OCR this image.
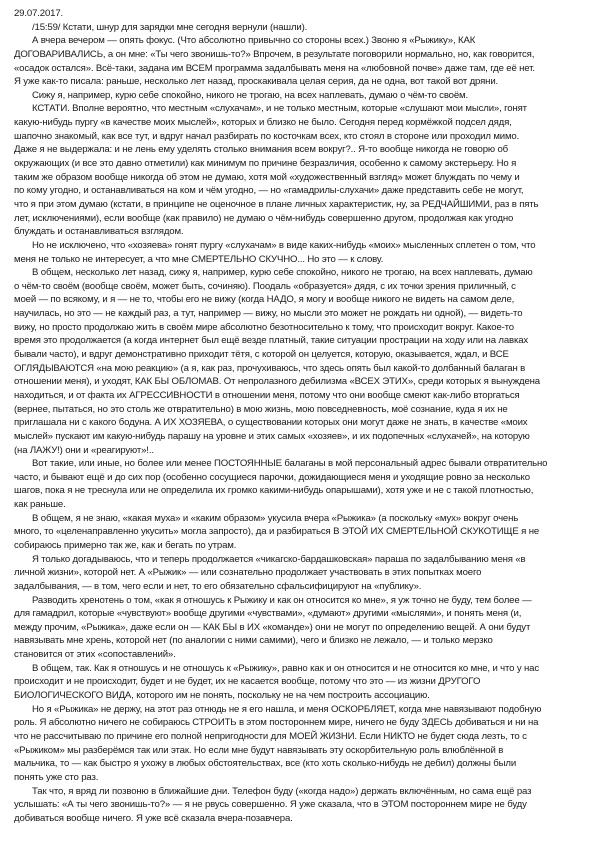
29.07.2017.
/15:59/ Кстати, шнур для зарядки мне сегодня вернули (нашли).
А вчера вечером — опять фокус. (Что абсолютно привычно со стороны всех.) Звоню я «Рыжику», КАК
ДОГОВАРИВАЛИСЬ, а он мне: «Ты чего звонишь-то?» Впрочем, в результате поговорили нормально, но, как говорится,
«осадок остался». Всё-таки, задана им ВСЕМ программа задалбывать меня на «любовной почве» даже там, где её нет.
Я уже как-то писала: раньше, несколько лет назад, проскакивала целая серия, да не одна, вот такой вот дряни.
Сижу я, например, курю себе спокойно, никого не трогаю, на всех наплевать, думаю о чём-то своём.
КСТАТИ. Вполне вероятно, что местным «слухачам», и не только местным, которые «слушают мои мысли», гонят
какую-нибудь пургу «в качестве моих мыслей», которых и близко не было. Сегодня перед кормёжкой подсел дядя,
шапочно знакомый, как все тут, и вдруг начал разбирать по косточкам всех, кто стоял в стороне или проходил мимо.
Даже я не выдержала: и не лень ему уделять столько внимания всем вокруг?.. Я-то вообще никогда не говорю об
окружающих (и все это давно отметили) как минимум по причине безразличия, особенно к самому экстерьеру. Но я
таким же образом вообще никогда об этом не думаю, хотя мой «художественный взгляд» может блуждать по чему и
по кому угодно, и останавливаться на ком и чём угодно, — но «гамадрилы-слухачи» даже представить себе не могут,
что я при этом думаю (кстати, в принципе не оценочное в плане личных характеристик, ну, за РЕДЧАЙШИМИ, раз в пять
лет, исключениями), если вообще (как правило) не думаю о чём-нибудь совершенно другом, продолжая как угодно
блуждать и останавливаться взглядом.
Но не исключено, что «хозяева» гонят пургу «слухачам» в виде каких-нибудь «моих» мысленных сплетен о том, что
меня не только не интересует, а что мне СМЕРТЕЛЬНО СКУЧНО... Но это — к слову.
В общем, несколько лет назад, сижу я, например, курю себе спокойно, никого не трогаю, на всех наплевать, думаю
о чём-то своём (вообще своём, может быть, сочиняю). Поодаль «образуется» дядя, с их точки зрения приличный, с
моей — по всякому, и я — не то, чтобы его не вижу (когда НАДО, я могу и вообще никого не видеть на самом деле,
научилась, но это — не каждый раз, а тут, например — вижу, но мысли это может не рождать ни одной), — видеть-то
вижу, но просто продолжаю жить в своём мире абсолютно безотносительно к тому, что происходит вокруг. Какое-то
время это продолжается (а когда интернет был ещё везде платный, такие ситуации прострации на ходу или на лавках
бывали часто), и вдруг демонстративно приходит тётя, с которой он целуется, которую, оказывается, ждал, и ВСЕ
ОГЛЯДЫВАЮТСЯ «на мою реакцию» (а я, как раз, прочухиваюсь, что здесь опять был какой-то долбанный балаган в
отношении меня), и уходят, КАК БЫ ОБЛОМАВ. От непролазного дебилизма «ВСЕХ ЭТИХ», среди которых я вынуждена
находиться, и от факта их АГРЕССИВНОСТИ в отношении меня, потому что они вообще смеют как-либо вторгаться
(вернее, пытаться, но это столь же отвратительно) в мою жизнь, мою повседневность, моё сознание, куда я их не
приглашала ни с какого бодуна. А ИХ ХОЗЯЕВА, о существовании которых они могут даже не знать, в качестве «моих
мыслей» пускают им какую-нибудь парашу на уровне и этих самых «хозяев», и их подопечных «слухачей», на которую
(на ЛАЖУ!) они и «реагируют»!..
Вот такие, или иные, но более или менее ПОСТОЯННЫЕ балаганы в мой персональный адрес бывали отвратительно
часто, и бывают ещё и до сих пор (особенно сосущиеся парочки, дожидающиеся меня и уходящие ровно за несколько
шагов, пока я не треснула или не определила их громко какими-нибудь опарышами), хотя уже и не с такой плотностью,
как раньше.
В общем, я не знаю, «какая муха» и «каким образом» укусила вчера «Рыжика» (а поскольку «мух» вокруг очень
много, то «целенаправленно укусить» могла запросто), да и разбираться В ЭТОЙ ИХ СМЕРТЕЛЬНОЙ СКУКОТИЩЕ я не
собираюсь примерно так же, как и бегать по утрам.
Я только догадываюсь, что и теперь продолжается «чикагско-бардашковская» параша по задалбыванию меня «в
личной жизни», которой нет. А «Рыжик» — или сознательно продолжает участвовать в этих попытках моего
задалбывания, — в том, чего если и нет, то его обязательно сфальсифицируют на «публику».
Разводить хренотень о том, «как я отношусь к Рыжику и как он относится ко мне», я уж точно не буду, тем более —
для гамадрил, которые «чувствуют» вообще другими «чувствами», «думают» другими «мыслями», и понять меня (и,
между прочим, «Рыжика», даже если он — КАК БЫ в ИХ «команде») они не могут по определению вещей. А они будут
навязывать мне хрень, которой нет (по аналогии с ними самими), чего и близко не лежало, — и только мерзко
становится от этих «сопоставлений».
В общем, так. Как я отношусь и не отношусь к «Рыжику», равно как и он относится и не относится ко мне, и что у нас
происходит и не происходит, будет и не будет, их не касается вообще, потому что это — из жизни ДРУГОГО
БИОЛОГИЧЕСКОГО ВИДА, которого им не понять, поскольку не на чем построить ассоциацию.
Но я «Рыжика» не держу, на этот раз отнюдь не я его нашла, и меня ОСКОРБЛЯЕТ, когда мне навязывают подобную
роль. Я абсолютно ничего не собираюсь СТРОИТЬ в этом постороннем мире, ничего не буду ЗДЕСЬ добиваться и ни на
что не рассчитываю по причине его полной непригодности для МОЕЙ ЖИЗНИ. Если НИКТО не будет сюда лезть, то с
«Рыжиком» мы разберёмся так или этак. Но если мне будут навязывать эту оскорбительную роль влюблённой в
мальчика, то — как быстро я ухожу в любых обстоятельствах, все (кто хоть сколько-нибудь не дебил) должны были
понять уже сто раз.
Так что, я вряд ли позвоню в ближайшие дни. Телефон буду («когда надо») держать включённым, но сама ещё раз
услышать: «А ты чего звонишь-то?» — я не рвусь совершенно. Я уже сказала, что в ЭТОМ постороннем мире не буду
добиваться вообще ничего. Я уже всё сказала вчера-позавчера.
